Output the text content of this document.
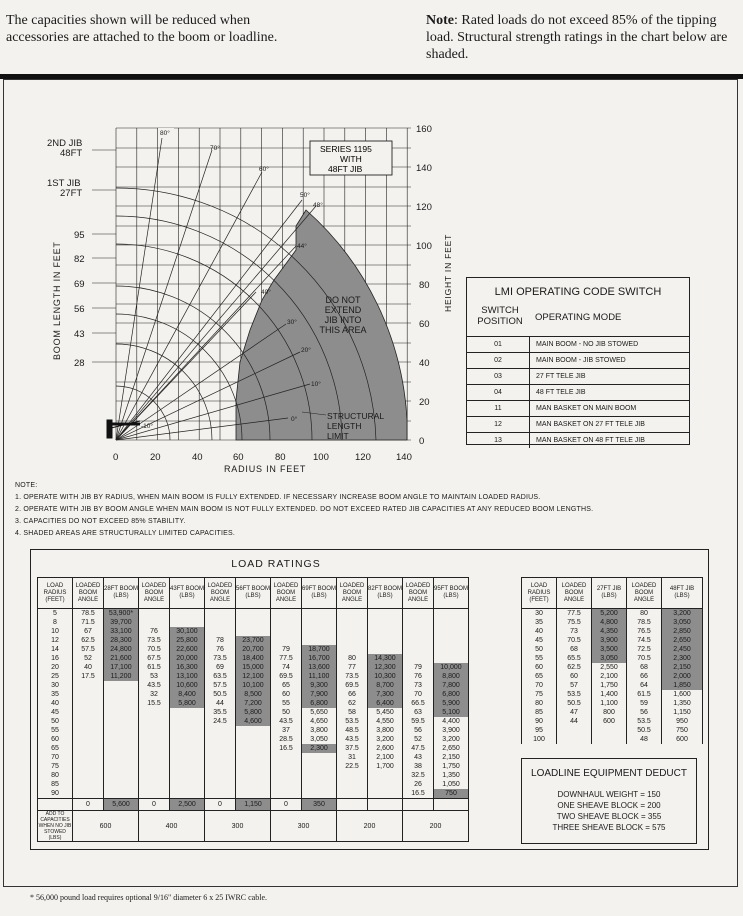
The capacities shown will be reduced when accessories are attached to the boom or loadline.
Note: Rated loads do not exceed 85% of the tipping load. Structural strength ratings in the chart below are shaded.
2ND JIB
48FT
1ST JIB
27FT
95
82
69
56
43
28
BOOM LENGTH IN FEET
160
140
120
100
80
60
40
20
0
HEIGHT IN FEET
0	20	40	60	80	100	120	140
RADIUS IN FEET
80°
70°
60°
50°
48°
44°
40°
30°
20°
10°
0°
-10°
SERIES 1195
WITH
48FT JIB
DO NOT
EXTEND
JIB INTO
THIS AREA
STRUCTURAL
LENGTH
LIMIT
LMI OPERATING CODE SWITCH
SWITCH POSITION	OPERATING MODE
01	MAIN BOOM - NO JIB STOWED
02	MAIN BOOM - JIB STOWED
03	27 FT TELE JIB
04	48 FT TELE JIB
11	MAN BASKET ON MAIN BOOM
12	MAN BASKET ON 27 FT TELE JIB
13	MAN BASKET ON 48 FT TELE JIB
NOTE:
1. OPERATE WITH JIB BY RADIUS, WHEN MAIN BOOM IS FULLY EXTENDED. IF NECESSARY INCREASE BOOM ANGLE TO MAINTAIN LOADED RADIUS.
2. OPERATE WITH JIB BY BOOM ANGLE WHEN MAIN BOOM IS NOT FULLY EXTENDED. DO NOT EXCEED RATED JIB CAPACITIES AT ANY REDUCED BOOM LENGTHS.
3. CAPACITIES DO NOT EXCEED 85% STABILITY.
4. SHADED AREAS ARE STRUCTURALLY LIMITED CAPACITIES.
LOAD RATINGS
LOAD RADIUS (FEET)	LOADED BOOM ANGLE	28FT BOOM (LBS)	LOADED BOOM ANGLE	43FT BOOM (LBS)	LOADED BOOM ANGLE	56FT BOOM (LBS)	LOADED BOOM ANGLE	69FT BOOM (LBS)	LOADED BOOM ANGLE	82FT BOOM (LBS)	LOADED BOOM ANGLE	95FT BOOM (LBS)
5	78.5	53,900*										
8	71.5	39,700										
10	67	33,100	76	30,100								
12	62.5	28,300	73.5	25,800	78	23,700						
14	57.5	24,800	70.5	22,600	76	20,700	79	18,700				
16	52	21,600	67.5	20,000	73.5	18,400	77.5	16,700	80	14,300		
20	40	17,100	61.5	16,300	69	15,000	74	13,600	77	12,300	79	10,000
25	17.5	11,200	53	13,100	63.5	12,100	69.5	11,100	73.5	10,300	76	8,800
30			43.5	10,600	57.5	10,100	65	9,300	69.5	8,700	73	7,800
35			32	8,400	50.5	8,500	60	7,900	66	7,300	70	6,800
40			15.5	5,800	44	7,200	55	6,800	62	6,400	66.5	5,900
45					35.5	5,800	50	5,650	58	5,450	63	5,100
50					24.5	4,600	43.5	4,650	53.5	4,550	59.5	4,400
55							37	3,800	48.5	3,800	56	3,900
60							28.5	3,050	43.5	3,200	52	3,200
65							16.5	2,300	37.5	2,600	47.5	2,650
70									31	2,100	43	2,150
75									22.5	1,700	38	1,750
80											32.5	1,350
85											26	1,050
90											16.5	750
	0	5,600	0	2,500	0	1,150	0	350				
ADD TO CAPACITIES WHEN NO JIB STOWED (LBS)	600		400		300		300		200		200	
LOAD RADIUS (FEET)	LOADED BOOM ANGLE	27FT JIB (LBS)	LOADED BOOM ANGLE	48FT JIB (LBS)
30	77.5	5,200	80	3,200
35	75.5	4,800	78.5	3,050
40	73	4,350	76.5	2,850
45	70.5	3,900	74.5	2,650
50	68	3,500	72.5	2,450
55	65.5	3,050	70.5	2,300
60	62.5	2,550	68	2,150
65	60	2,100	66	2,000
70	57	1,750	64	1,850
75	53.5	1,400	61.5	1,600
80	50.5	1,100	59	1,350
85	47	800	56	1,150
90	44	600	53.5	950
95			50.5	750
100			48	600
LOADLINE EQUIPMENT DEDUCT
DOWNHAUL WEIGHT = 150
ONE SHEAVE BLOCK = 200
TWO SHEAVE BLOCK = 355
THREE SHEAVE BLOCK = 575
* 56,000 pound load requires optional 9/16" diameter 6 x 25 IWRC cable.
